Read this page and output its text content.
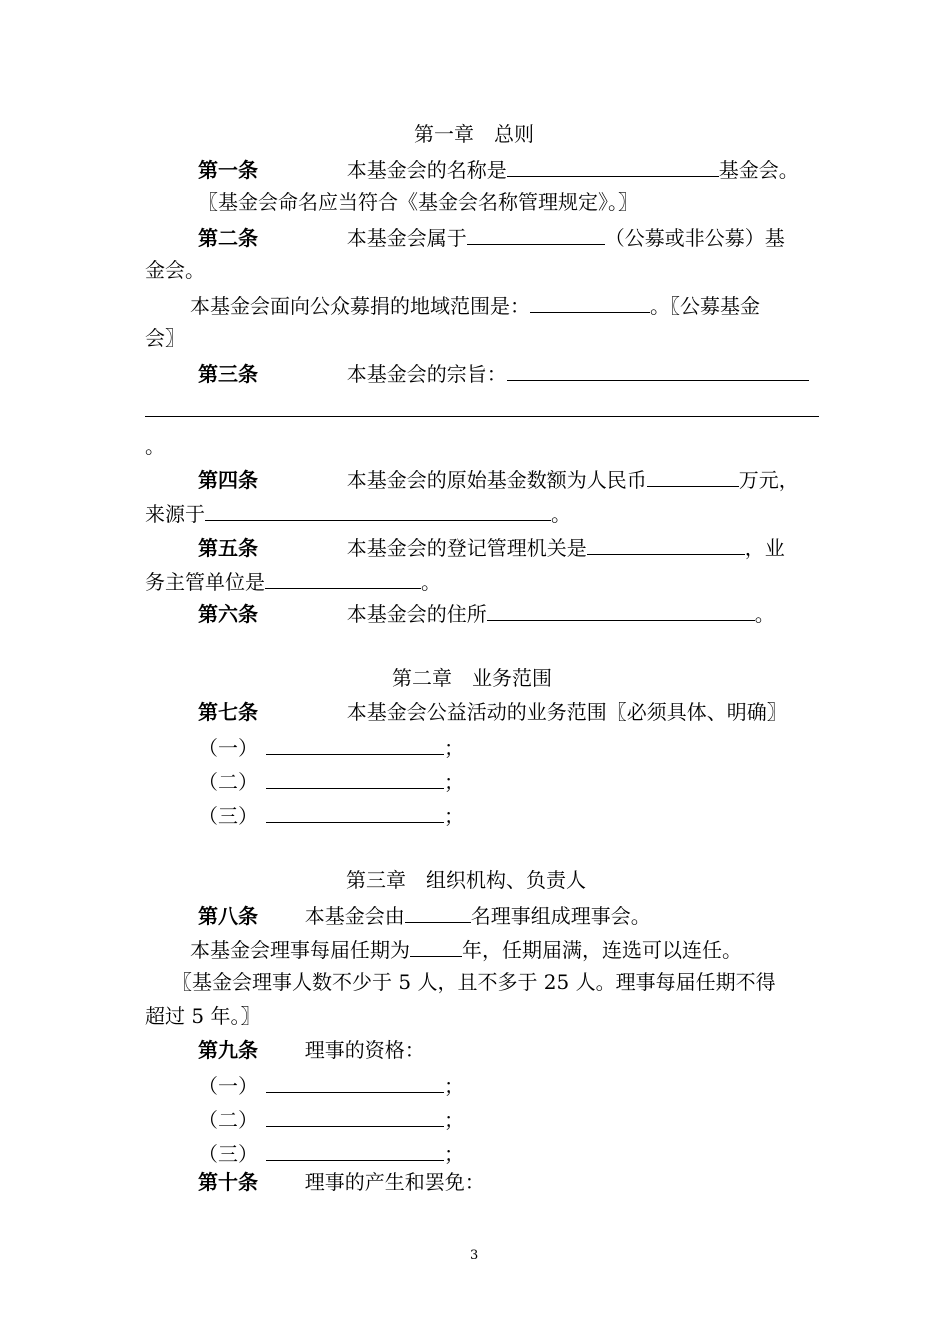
第一章　总则
第一条	本基金会的名称是	基金会。
〖基金会命名应当符合《基金会名称管理规定》。〗
第二条	本基金会属于	（公募或非公募）基
金会。
本基金会面向公众募捐的地域范围是：	。〖公募基金
会〗
第三条	本基金会的宗旨：
。
第四条	本基金会的原始基金数额为人民币	万元，
来源于	。
第五条	本基金会的登记管理机关是	，业
务主管单位是	。
第六条	本基金会的住所	。
第二章　业务范围
第七条	本基金会公益活动的业务范围〖必须具体、明确〗
（一）	；
（二）	；
（三）	；
第三章　组织机构、负责人
第八条 本基金会由	名理事组成理事会。
本基金会理事每届任期为	年，任期届满，连选可以连任。
〖基金会理事人数不少于 5 人，且不多于 25 人。理事每届任期不得
超过 5 年。〗
第九条 理事的资格：
（一）	；
（二）	；
（三）	；
第十条 理事的产生和罢免：
3
